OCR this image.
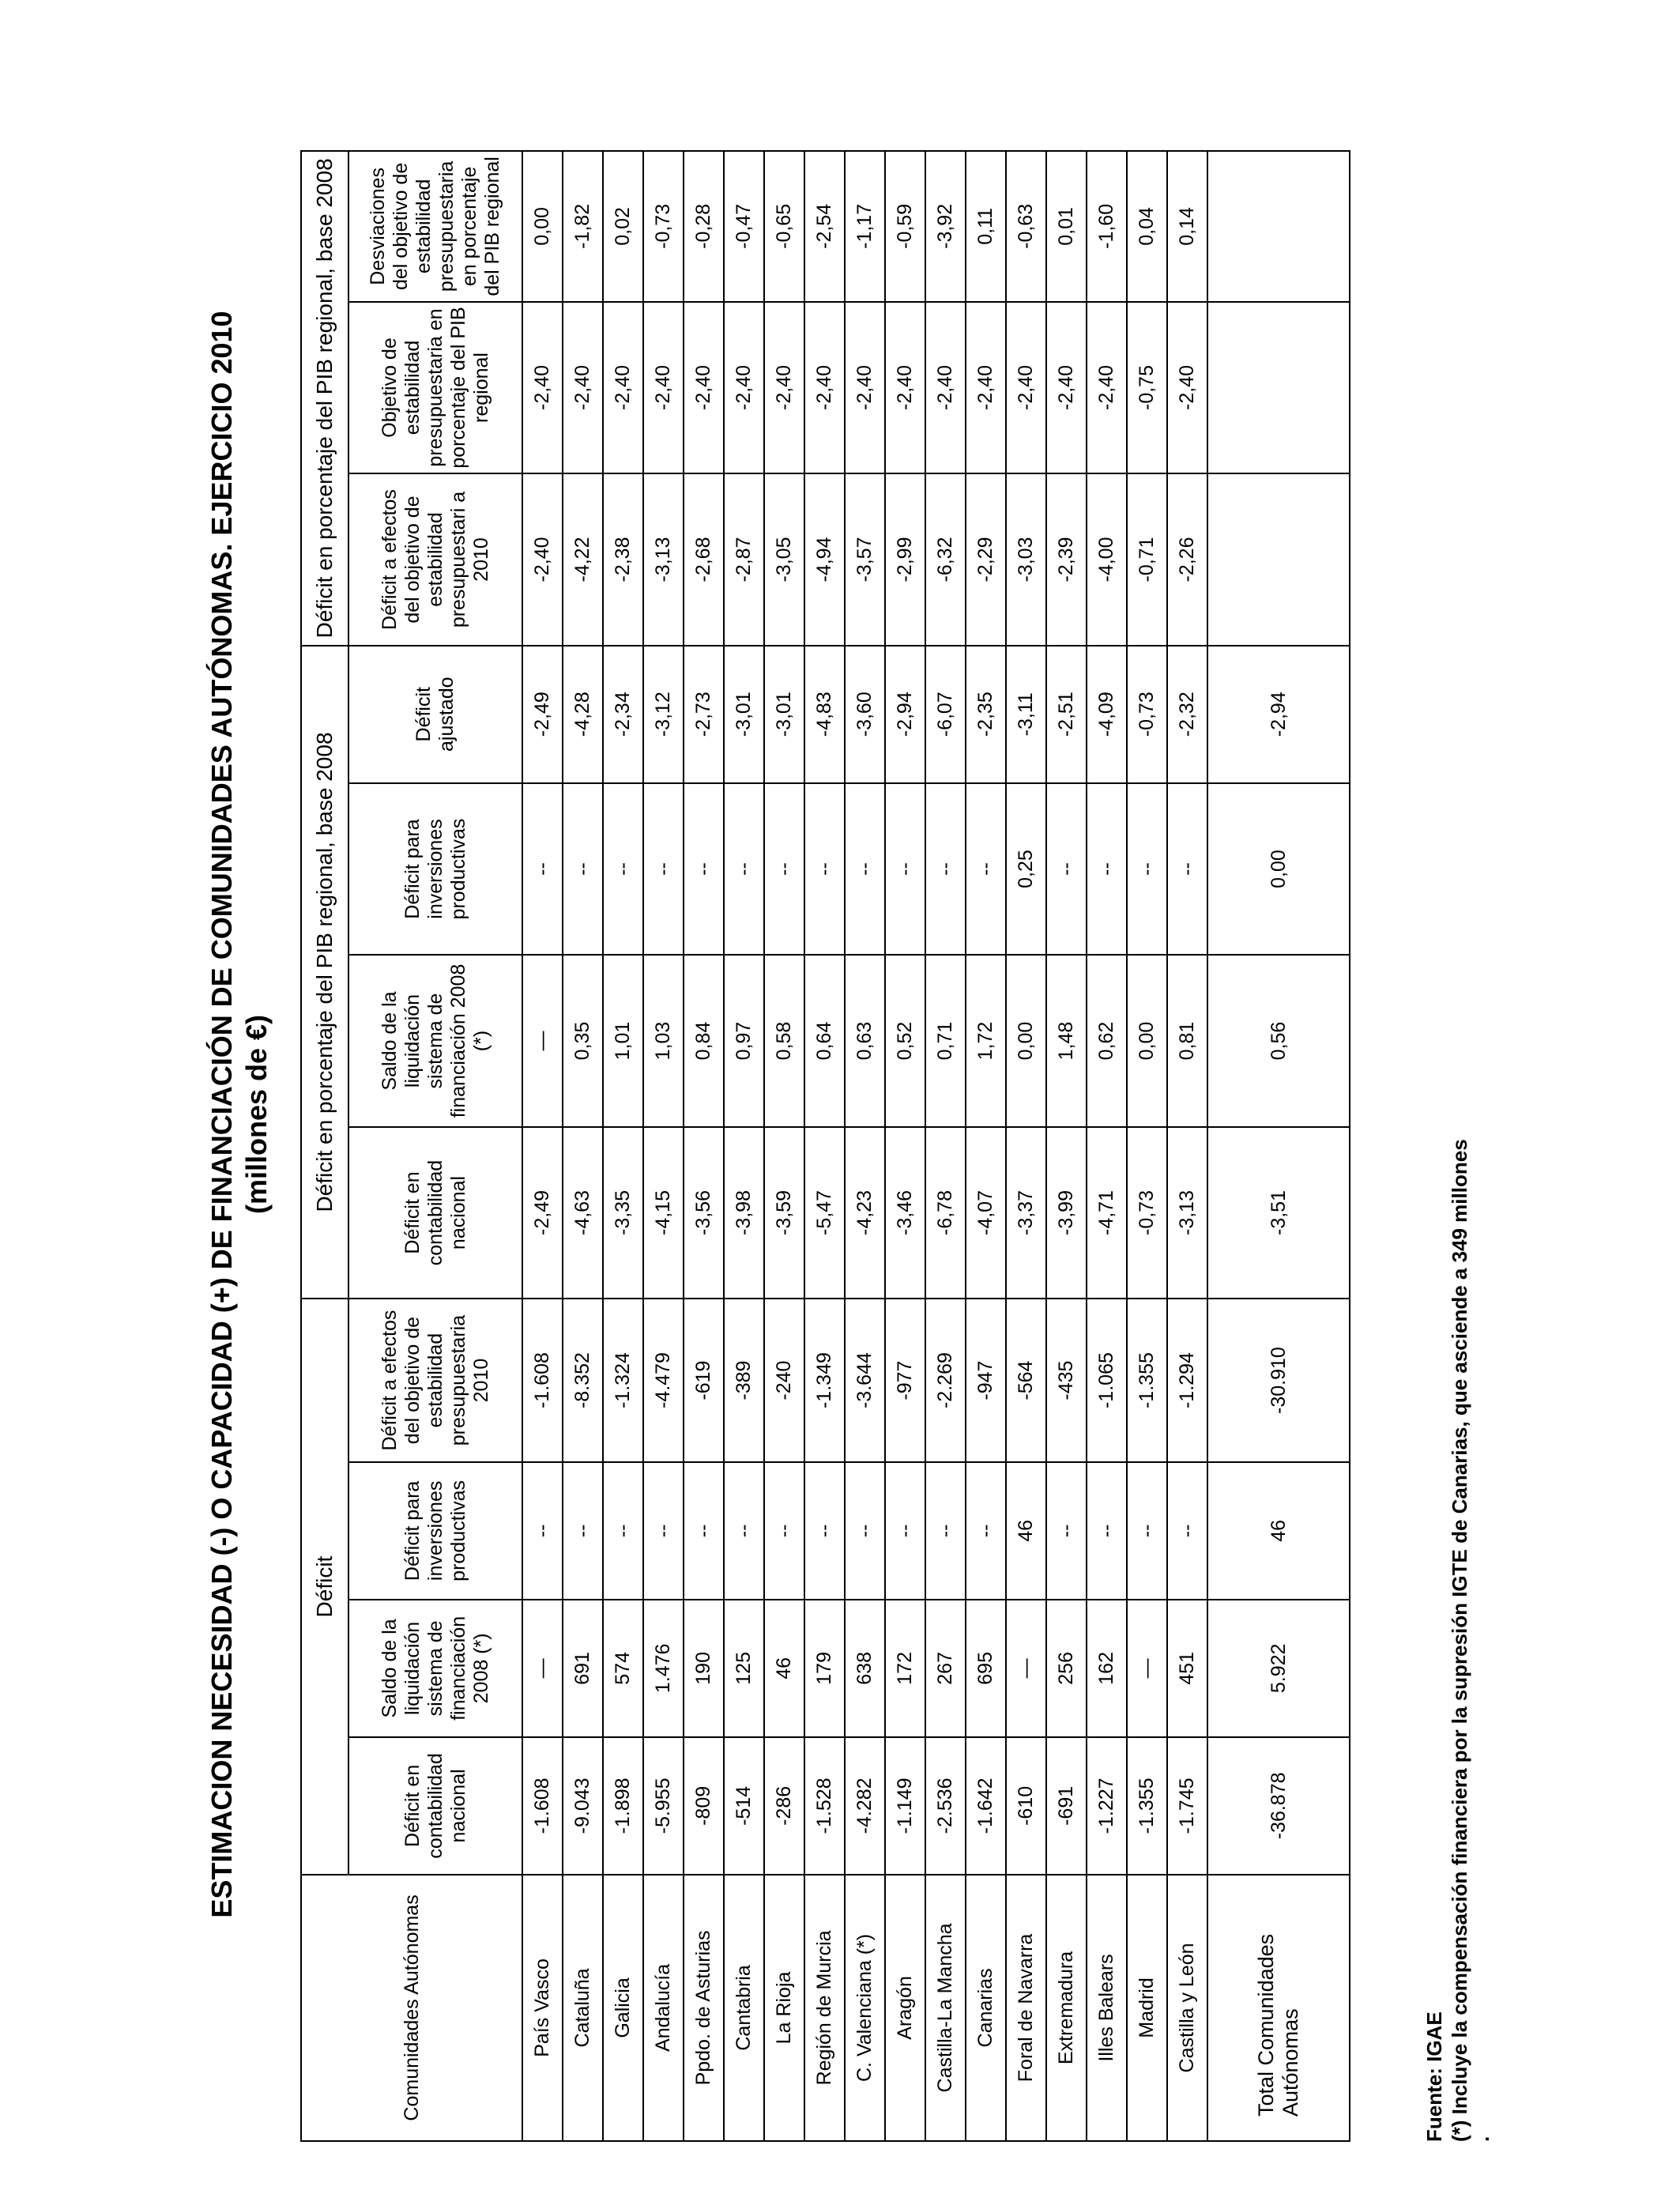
ESTIMACION NECESIDAD (-) O CAPACIDAD (+) DE FINANCIACIÓN DE COMUNIDADES AUTÓNOMAS. EJERCICIO 2010 (millones de €)
Comunidades Autónomas	Déficit				Déficit en porcentaje del PIB regional, base 2008				Déficit en porcentaje del PIB regional, base 2008		
	Déficit en contabilidad nacional	Saldo de la liquidación sistema de financiación 2008 (*)	Déficit para inversiones productivas	Déficit a efectos del objetivo de estabilidad presupuestaria 2010	Déficit en contabilidad nacional	Saldo de la liquidación sistema de financiación 2008 (*)	Déficit para inversiones productivas	Déficit ajustado	Déficit a efectos del objetivo de estabilidad presupuestari a 2010	Objetivo de estabilidad presupuestaria en porcentaje del PIB regional	Desviaciones del objetivo de estabilidad presupuestaria en porcentaje del PIB regional
País Vasco	-1.608	—	--	-1.608	-2,49	—	--	-2,49	-2,40	-2,40	0,00
Cataluña	-9.043	691	--	-8.352	-4,63	0,35	--	-4,28	-4,22	-2,40	-1,82
Galicia	-1.898	574	--	-1.324	-3,35	1,01	--	-2,34	-2,38	-2,40	0,02
Andalucía	-5.955	1.476	--	-4.479	-4,15	1,03	--	-3,12	-3,13	-2,40	-0,73
Ppdo. de Asturias	-809	190	--	-619	-3,56	0,84	--	-2,73	-2,68	-2,40	-0,28
Cantabria	-514	125	--	-389	-3,98	0,97	--	-3,01	-2,87	-2,40	-0,47
La Rioja	-286	46	--	-240	-3,59	0,58	--	-3,01	-3,05	-2,40	-0,65
Región de Murcia	-1.528	179	--	-1.349	-5,47	0,64	--	-4,83	-4,94	-2,40	-2,54
C. Valenciana (*)	-4.282	638	--	-3.644	-4,23	0,63	--	-3,60	-3,57	-2,40	-1,17
Aragón	-1.149	172	--	-977	-3,46	0,52	--	-2,94	-2,99	-2,40	-0,59
Castilla-La Mancha	-2.536	267	--	-2.269	-6,78	0,71	--	-6,07	-6,32	-2,40	-3,92
Canarias	-1.642	695	--	-947	-4,07	1,72	--	-2,35	-2,29	-2,40	0,11
Foral de Navarra	-610	—	46	-564	-3,37	0,00	0,25	-3,11	-3,03	-2,40	-0,63
Extremadura	-691	256	--	-435	-3,99	1,48	--	-2,51	-2,39	-2,40	0,01
Illes Balears	-1.227	162	--	-1.065	-4,71	0,62	--	-4,09	-4,00	-2,40	-1,60
Madrid	-1.355	—	--	-1.355	-0,73	0,00	--	-0,73	-0,71	-0,75	0,04
Castilla y León	-1.745	451	--	-1.294	-3,13	0,81	--	-2,32	-2,26	-2,40	0,14
Total Comunidades Autónomas	-36.878	5.922	46	-30.910	-3,51	0,56	0,00	-2,94			
Fuente: IGAE (*) Incluye la compensación financiera por la supresión IGTE de Canarias, que asciende a 349 millones
.
